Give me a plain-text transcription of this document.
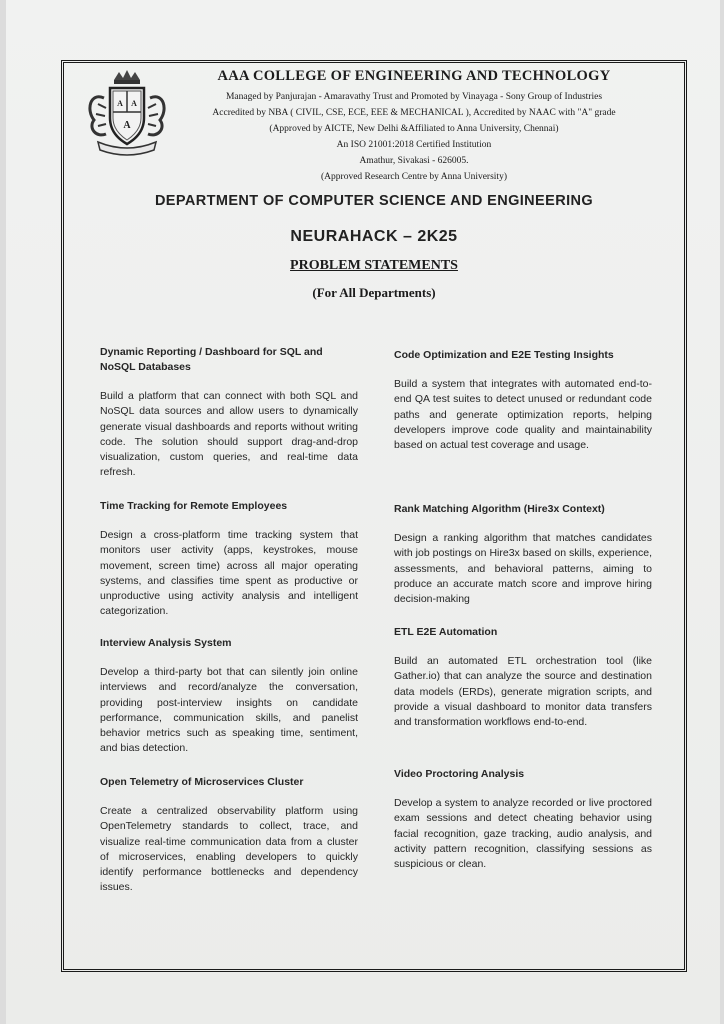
A A
A
AAA COLLEGE OF ENGINEERING AND TECHNOLOGY
Managed by Panjurajan - Amaravathy Trust and Promoted by Vinayaga - Sony Group of Industries
Accredited by NBA ( CIVIL, CSE, ECE, EEE & MECHANICAL ), Accredited by NAAC with "A" grade
(Approved by AICTE, New Delhi &Affiliated to Anna University, Chennai)
An ISO 21001:2018 Certified Institution
Amathur, Sivakasi - 626005.
(Approved Research Centre by Anna University)
DEPARTMENT OF COMPUTER SCIENCE AND ENGINEERING
NEURAHACK – 2K25
PROBLEM STATEMENTS
(For All Departments)

Dynamic Reporting / Dashboard for SQL and NoSQL Databases

Build a platform that can connect with both SQL and NoSQL data sources and allow users to dynamically generate visual dashboards and reports without writing code. The solution should support drag-and-drop visualization, custom queries, and real-time data refresh.

Time Tracking for Remote Employees

Design a cross-platform time tracking system that monitors user activity (apps, keystrokes, mouse movement, screen time) across all major operating systems, and classifies time spent as productive or unproductive using activity analysis and intelligent categorization.

Interview Analysis System

Develop a third-party bot that can silently join online interviews and record/analyze the conversation, providing post-interview insights on candidate performance, communication skills, and panelist behavior metrics such as speaking time, sentiment, and bias detection.

Open Telemetry of Microservices Cluster

Create a centralized observability platform using OpenTelemetry standards to collect, trace, and visualize real-time communication data from a cluster of microservices, enabling developers to quickly identify performance bottlenecks and dependency issues.

Code Optimization and E2E Testing Insights

Build a system that integrates with automated end-to-end QA test suites to detect unused or redundant code paths and generate optimization reports, helping developers improve code quality and maintainability based on actual test coverage and usage.

Rank Matching Algorithm (Hire3x Context)

Design a ranking algorithm that matches candidates with job postings on Hire3x based on skills, experience, assessments, and behavioral patterns, aiming to produce an accurate match score and improve hiring decision-making

ETL E2E Automation

Build an automated ETL orchestration tool (like Gather.io) that can analyze the source and destination data models (ERDs), generate migration scripts, and provide a visual dashboard to monitor data transfers and transformation workflows end-to-end.

Video Proctoring Analysis

Develop a system to analyze recorded or live proctored exam sessions and detect cheating behavior using facial recognition, gaze tracking, audio analysis, and activity pattern recognition, classifying sessions as suspicious or clean.
